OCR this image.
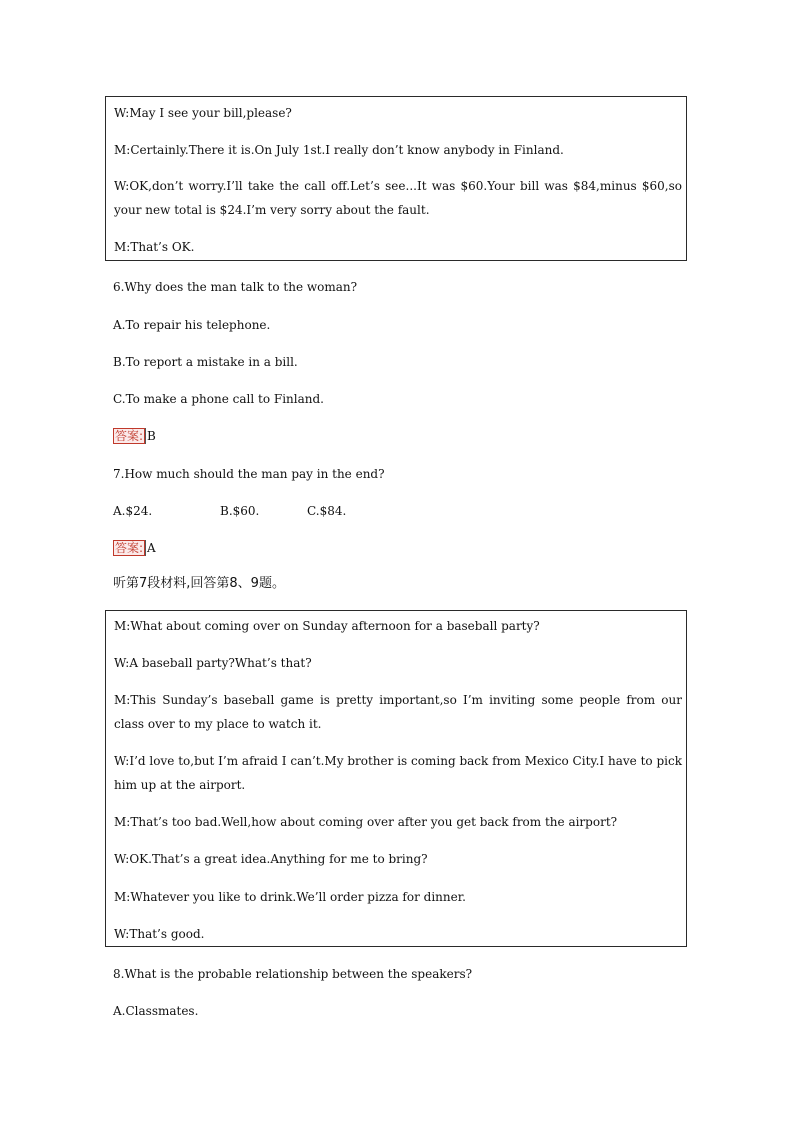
W:May I see your bill,please?
M:Certainly.There it is.On July 1st.I really don’t know anybody in Finland.
W:OK,don’t worry.I’ll take the call off.Let’s see...It was $60.Your bill was $84,minus $60,so your new total is $24.I’m very sorry about the fault.
M:That’s OK.
6.Why does the man talk to the woman?
A.To repair his telephone.
B.To report a mistake in a bill.
C.To make a phone call to Finland.
答案: B
7.How much should the man pay in the end?
A.$24.	B.$60.	C.$84.
答案: A
听第7段材料,回答第8、9题。
M:What about coming over on Sunday afternoon for a baseball party?
W:A baseball party?What’s that?
M:This Sunday’s baseball game is pretty important,so I’m inviting some people from our class over to my place to watch it.
W:I’d love to,but I’m afraid I can’t.My brother is coming back from Mexico City.I have to pick him up at the airport.
M:That’s too bad.Well,how about coming over after you get back from the airport?
W:OK.That’s a great idea.Anything for me to bring?
M:Whatever you like to drink.We’ll order pizza for dinner.
W:That’s good.
8.What is the probable relationship between the speakers?
A.Classmates.
